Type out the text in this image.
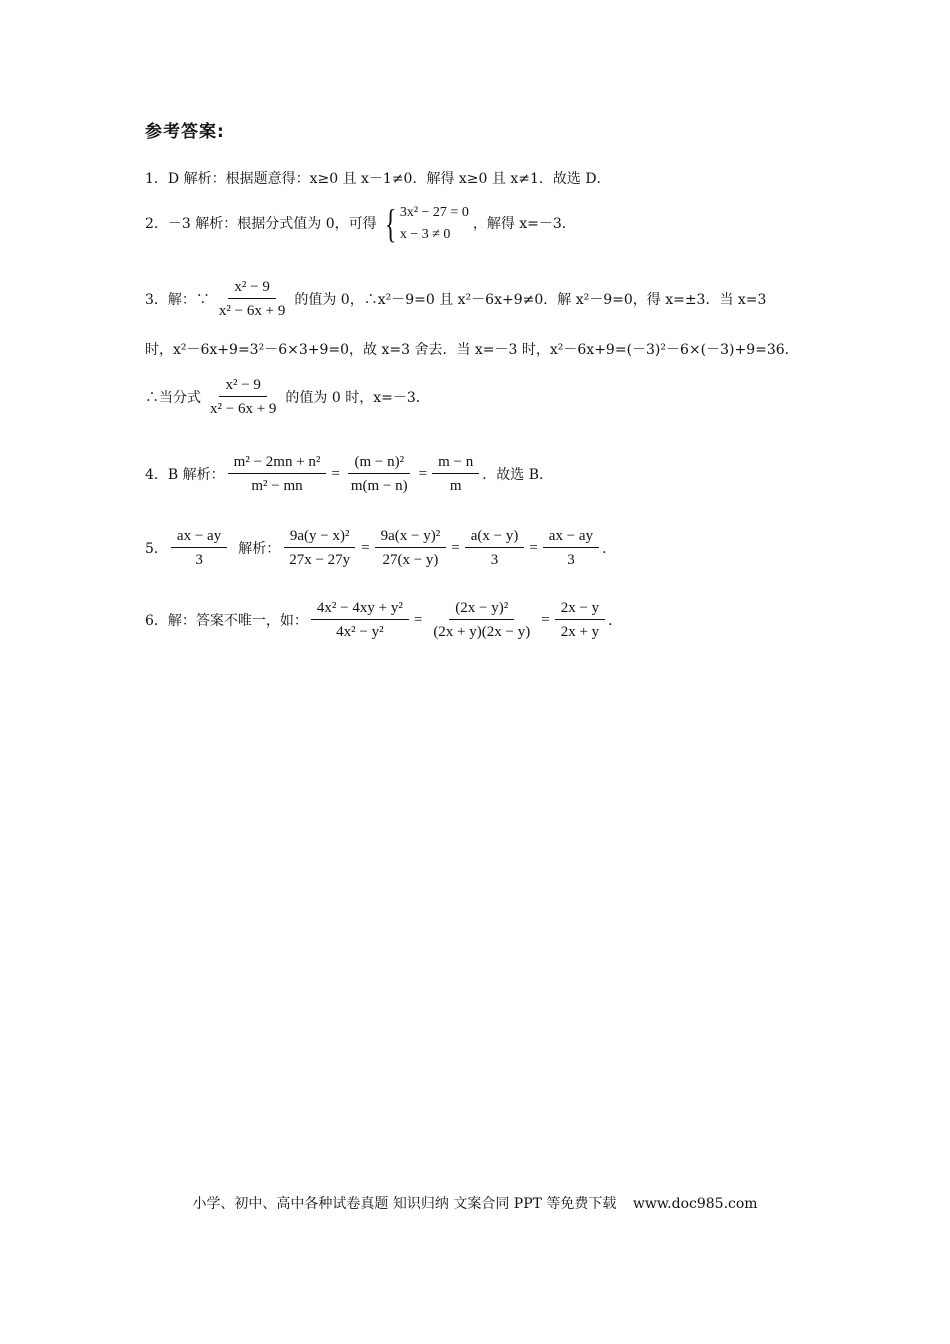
参考答案:
1．D 解析：根据题意得：x≥0 且 x－1≠0．解得 x≥0 且 x≠1．故选 D．
2．－3 解析：根据分式值为 0，可得 { 3x² − 27 = 0
x − 3 ≠ 0
，解得 x=－3．
3．解：∵ $\frac{\text{x² − 9}}{\text{x² − 6x + 9}}$ 的值为 0，∴x²－9=0 且 x²－6x+9≠0．解 x²－9=0，得 x=±3．当 x=3
时，x²－6x+9=3²－6×3+9=0，故 x=3 舍去．当 x=－3 时，x²－6x+9=(－3)²－6×(－3)+9=36．
∴当分式 $\frac{\text{x² − 9}}{\text{x² − 6x + 9}}$ 的值为 0 时，x=－3．
4．B 解析： $\frac{\text{m² − 2mn + n²}}{\text{m² − mn}} = \frac{\text{(m − n)²}}{m(m - n)} = \frac{m - n}{m}$ ．故选 B．
5． $\frac{ax - ay}{3}$ 解析： $\frac{\text{9a(y − x)²}}{27x - 27y} = \frac{\text{9a(x − y)²}}{27(x - y)} = \frac{a(x - y)}{3} = \frac{ax - ay}{3}$ ．
6．解：答案不唯一，如： $\frac{\text{4x² − 4xy + y²}}{\text{4x² − y²}} = \frac{\text{(2x − y)²}}{(2x + y)(2x - y)} = \frac{2x - y}{2x + y}$ ．
小学、初中、高中各种试卷真题 知识归纳 文案合同 PPT 等免费下载 www.doc985.com
